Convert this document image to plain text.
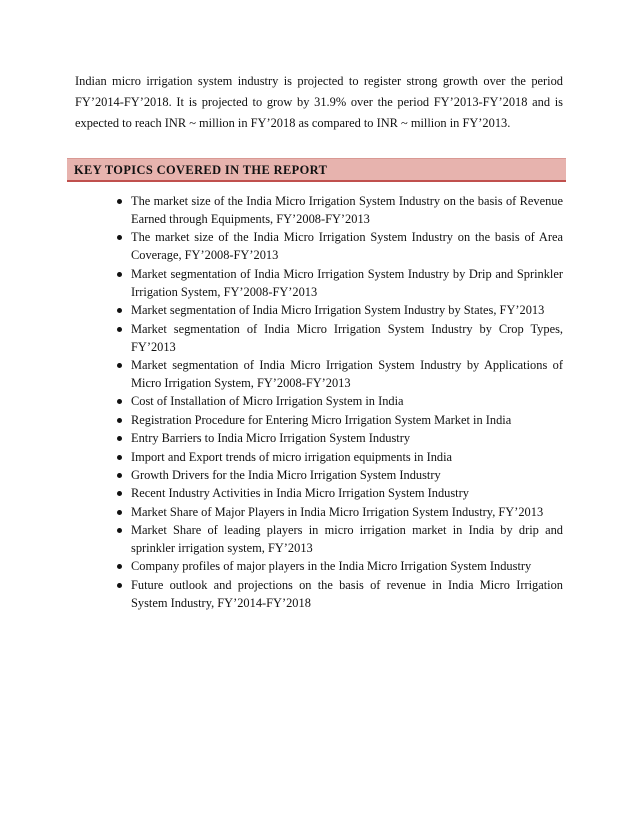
Indian micro irrigation system industry is projected to register strong growth over the period FY’2014-FY’2018. It is projected to grow by 31.9% over the period FY’2013-FY’2018 and is expected to reach INR ~ million in FY’2018 as compared to INR ~ million in FY’2013.

KEY TOPICS COVERED IN THE REPORT
The market size of the India Micro Irrigation System Industry on the basis of Revenue Earned through Equipments, FY’2008-FY’2013
The market size of the India Micro Irrigation System Industry on the basis of Area Coverage, FY’2008-FY’2013
Market segmentation of India Micro Irrigation System Industry by Drip and Sprinkler Irrigation System, FY’2008-FY’2013
Market segmentation of India Micro Irrigation System Industry by States, FY’2013
Market segmentation of India Micro Irrigation System Industry by Crop Types, FY’2013
Market segmentation of India Micro Irrigation System Industry by Applications of Micro Irrigation System, FY’2008-FY’2013
Cost of Installation of Micro Irrigation System in India
Registration Procedure for Entering Micro Irrigation System Market in India
Entry Barriers to India Micro Irrigation System Industry
Import and Export trends of micro irrigation equipments in India
Growth Drivers for the India Micro Irrigation System Industry
Recent Industry Activities in India Micro Irrigation System Industry
Market Share of Major Players in India Micro Irrigation System Industry, FY’2013
Market Share of leading players in micro irrigation market in India by drip and sprinkler irrigation system, FY’2013
Company profiles of major players in the India Micro Irrigation System Industry
Future outlook and projections on the basis of revenue in India Micro Irrigation System Industry, FY’2014-FY’2018
